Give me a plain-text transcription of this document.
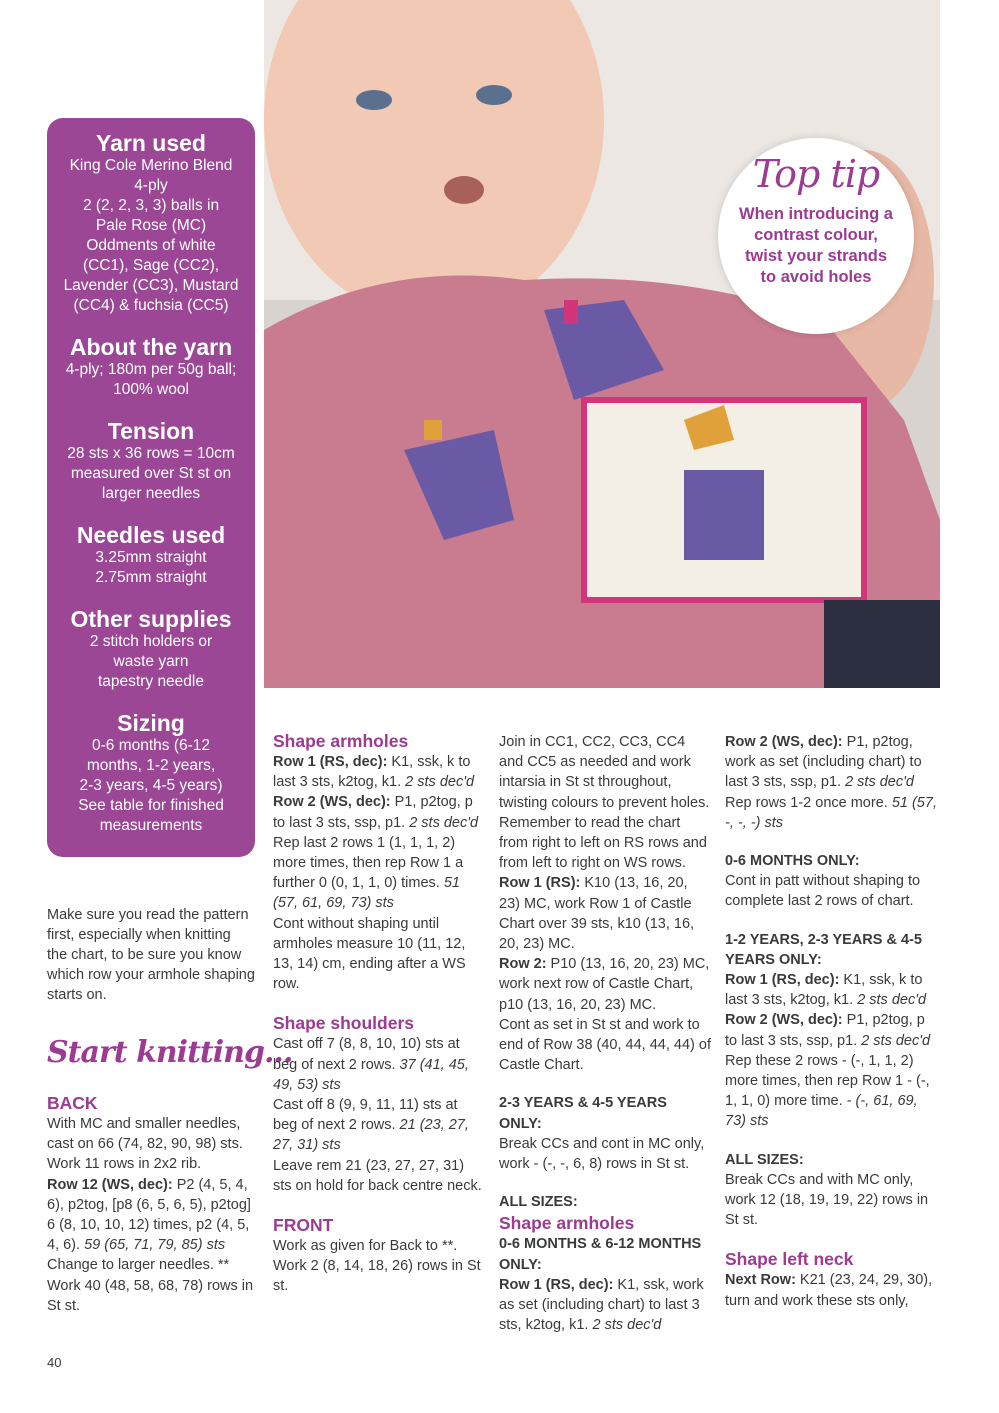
Top tip
When introducing a contrast colour, twist your strands to avoid holes
Yarn used
King Cole Merino Blend
4-ply
2 (2, 2, 3, 3) balls in
Pale Rose (MC)
Oddments of white
(CC1), Sage (CC2),
Lavender (CC3), Mustard
(CC4) & fuchsia (CC5)
About the yarn
4-ply; 180m per 50g ball;
100% wool
Tension
28 sts x 36 rows = 10cm
measured over St st on
larger needles
Needles used
3.25mm straight
2.75mm straight
Other supplies
2 stitch holders or
waste yarn
tapestry needle
Sizing
0-6 months (6-12
months, 1-2 years,
2-3 years, 4-5 years)
See table for finished
measurements
Make sure you read the pattern
first, especially when knitting
the chart, to be sure you know
which row your armhole shaping
starts on.
Start knitting...

BACK

With MC and smaller needles, cast on 66 (74, 82, 90, 98) sts. Work 11 rows in 2x2 rib.

Row 12 (WS, dec): P2 (4, 5, 4, 6), p2tog, [p8 (6, 5, 6, 5), p2tog] 6 (8, 10, 10, 12) times, p2 (4, 5, 4, 6). 59 (65, 71, 79, 85) sts

Change to larger needles. **

Work 40 (48, 58, 68, 78) rows in St st.

Shape armholes

Row 1 (RS, dec): K1, ssk, k to last 3 sts, k2tog, k1. 2 sts dec'd

Row 2 (WS, dec): P1, p2tog, p to last 3 sts, ssp, p1. 2 sts dec'd

Rep last 2 rows 1 (1, 1, 1, 2) more times, then rep Row 1 a further 0 (0, 1, 1, 0) times. 51 (57, 61, 69, 73) sts

Cont without shaping until armholes measure 10 (11, 12, 13, 14) cm, ending after a WS row.

Shape shoulders

Cast off 7 (8, 8, 10, 10) sts at beg of next 2 rows. 37 (41, 45, 49, 53) sts

Cast off 8 (9, 9, 11, 11) sts at beg of next 2 rows. 21 (23, 27, 27, 31) sts

Leave rem 21 (23, 27, 27, 31) sts on hold for back centre neck.

FRONT

Work as given for Back to **. Work 2 (8, 14, 18, 26) rows in St st.

Join in CC1, CC2, CC3, CC4 and CC5 as needed and work intarsia in St st throughout, twisting colours to prevent holes. Remember to read the chart from right to left on RS rows and from left to right on WS rows.

Row 1 (RS): K10 (13, 16, 20, 23) MC, work Row 1 of Castle Chart over 39 sts, k10 (13, 16, 20, 23) MC.

Row 2: P10 (13, 16, 20, 23) MC, work next row of Castle Chart, p10 (13, 16, 20, 23) MC.

Cont as set in St st and work to end of Row 38 (40, 44, 44, 44) of Castle Chart.

2-3 YEARS & 4-5 YEARS ONLY:

Break CCs and cont in MC only, work - (-, -, 6, 8) rows in St st.

ALL SIZES:

Shape armholes

0-6 MONTHS & 6-12 MONTHS ONLY:

Row 1 (RS, dec): K1, ssk, work as set (including chart) to last 3 sts, k2tog, k1. 2 sts dec'd

Row 2 (WS, dec): P1, p2tog, work as set (including chart) to last 3 sts, ssp, p1. 2 sts dec'd

Rep rows 1-2 once more. 51 (57, -, -, -) sts

0-6 MONTHS ONLY:

Cont in patt without shaping to complete last 2 rows of chart.

1-2 YEARS, 2-3 YEARS & 4-5 YEARS ONLY:

Row 1 (RS, dec): K1, ssk, k to last 3 sts, k2tog, k1. 2 sts dec'd

Row 2 (WS, dec): P1, p2tog, p to last 3 sts, ssp, p1. 2 sts dec'd

Rep these 2 rows - (-, 1, 1, 2) more times, then rep Row 1 - (-, 1, 1, 0) more time. - (-, 61, 69, 73) sts

ALL SIZES:

Break CCs and with MC only, work 12 (18, 19, 19, 22) rows in St st.

Shape left neck

Next Row: K21 (23, 24, 29, 30), turn and work these sts only,

40
